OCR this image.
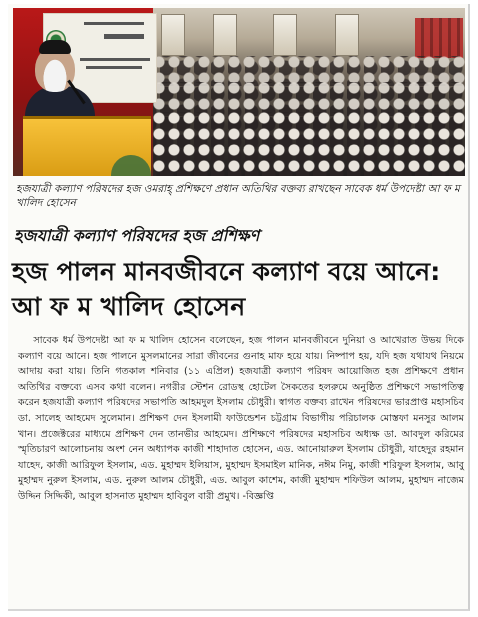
হজযাত্রী কল্যাণ পরিষদের হজ ওমরাহ্ প্রশিক্ষণে প্রধান অতিথির বক্তব্য রাখছেন সাবেক ধর্ম উপদেষ্টা আ ফ ম খালিদ হোসেন

হজযাত্রী কল্যাণ পরিষদের হজ প্রশিক্ষণ

হজ পালন মানবজীবনে কল্যাণ বয়ে আনে: আ ফ ম খালিদ হোসেন

সাবেক ধর্ম উপদেষ্টা আ ফ ম খালিদ হোসেন বলেছেন, হজ পালন মানবজীবনে দুনিয়া ও আখেরাত উভয় দিকে কল্যাণ বয়ে আনে। হজ পালনে মুসলমানের সারা জীবনের গুনাহ মাফ হয়ে যায়। নিষ্পাপ হয়, যদি হজ যথাযথ নিয়মে আদায় করা যায়। তিনি গতকাল শনিবার (১১ এপ্রিল) হজযাত্রী কল্যাণ পরিষদ আয়োজিত হজ প্রশিক্ষণে প্রধান অতিথির বক্তব্যে এসব কথা বলেন। নগরীর স্টেশন রোডস্থ হোটেল সৈকতের হলরুমে অনুষ্ঠিত প্রশিক্ষণে সভাপতিত্ব করেন হজযাত্রী কল্যাণ পরিষদের সভাপতি আহমদুল ইসলাম চৌধুরী। স্বাগত বক্তব্য রাখেন পরিষদের ভারপ্রাপ্ত মহাসচিব ডা. সালেহ আহমেদ সুলেমান। প্রশিক্ষণ দেন ইসলামী ফাউন্ডেশন চট্টগ্রাম বিভাগীয় পরিচালক মোস্তফা মনসুর আলম খান। প্রজেক্টরের মাধ্যমে প্রশিক্ষণ দেন তানভীর আহমেদ। প্রশিক্ষণে পরিষদের মহাসচিব অধ্যক্ষ ডা. আবদুল করিমের স্মৃতিচারণ আলোচনায় অংশ নেন অধ্যাপক কাজী শাহাদাত হোসেন, এড. আনোয়ারুল ইসলাম চৌধুরী, যাহেদুর রহমান যাহেদ, কাজী আরিফুল ইসলাম, এড. মুহাম্মদ ইলিয়াস, মুহাম্মদ ইসমাইল মানিক, নঈম নিমু, কাজী শরিফুল ইসলাম, আবু মুহাম্মদ নুরুল ইসলাম, এড. নুরুল আলম চৌধুরী, এড. আবুল কাশেম, কাজী মুহাম্মদ শফিউল আলম, মুহাম্মদ নাজেম উদ্দিন সিদ্দিকী, আবুল হাসনাত মুহাম্মদ হাবিবুল বারী প্রমুখ। -বিজ্ঞপ্তি
